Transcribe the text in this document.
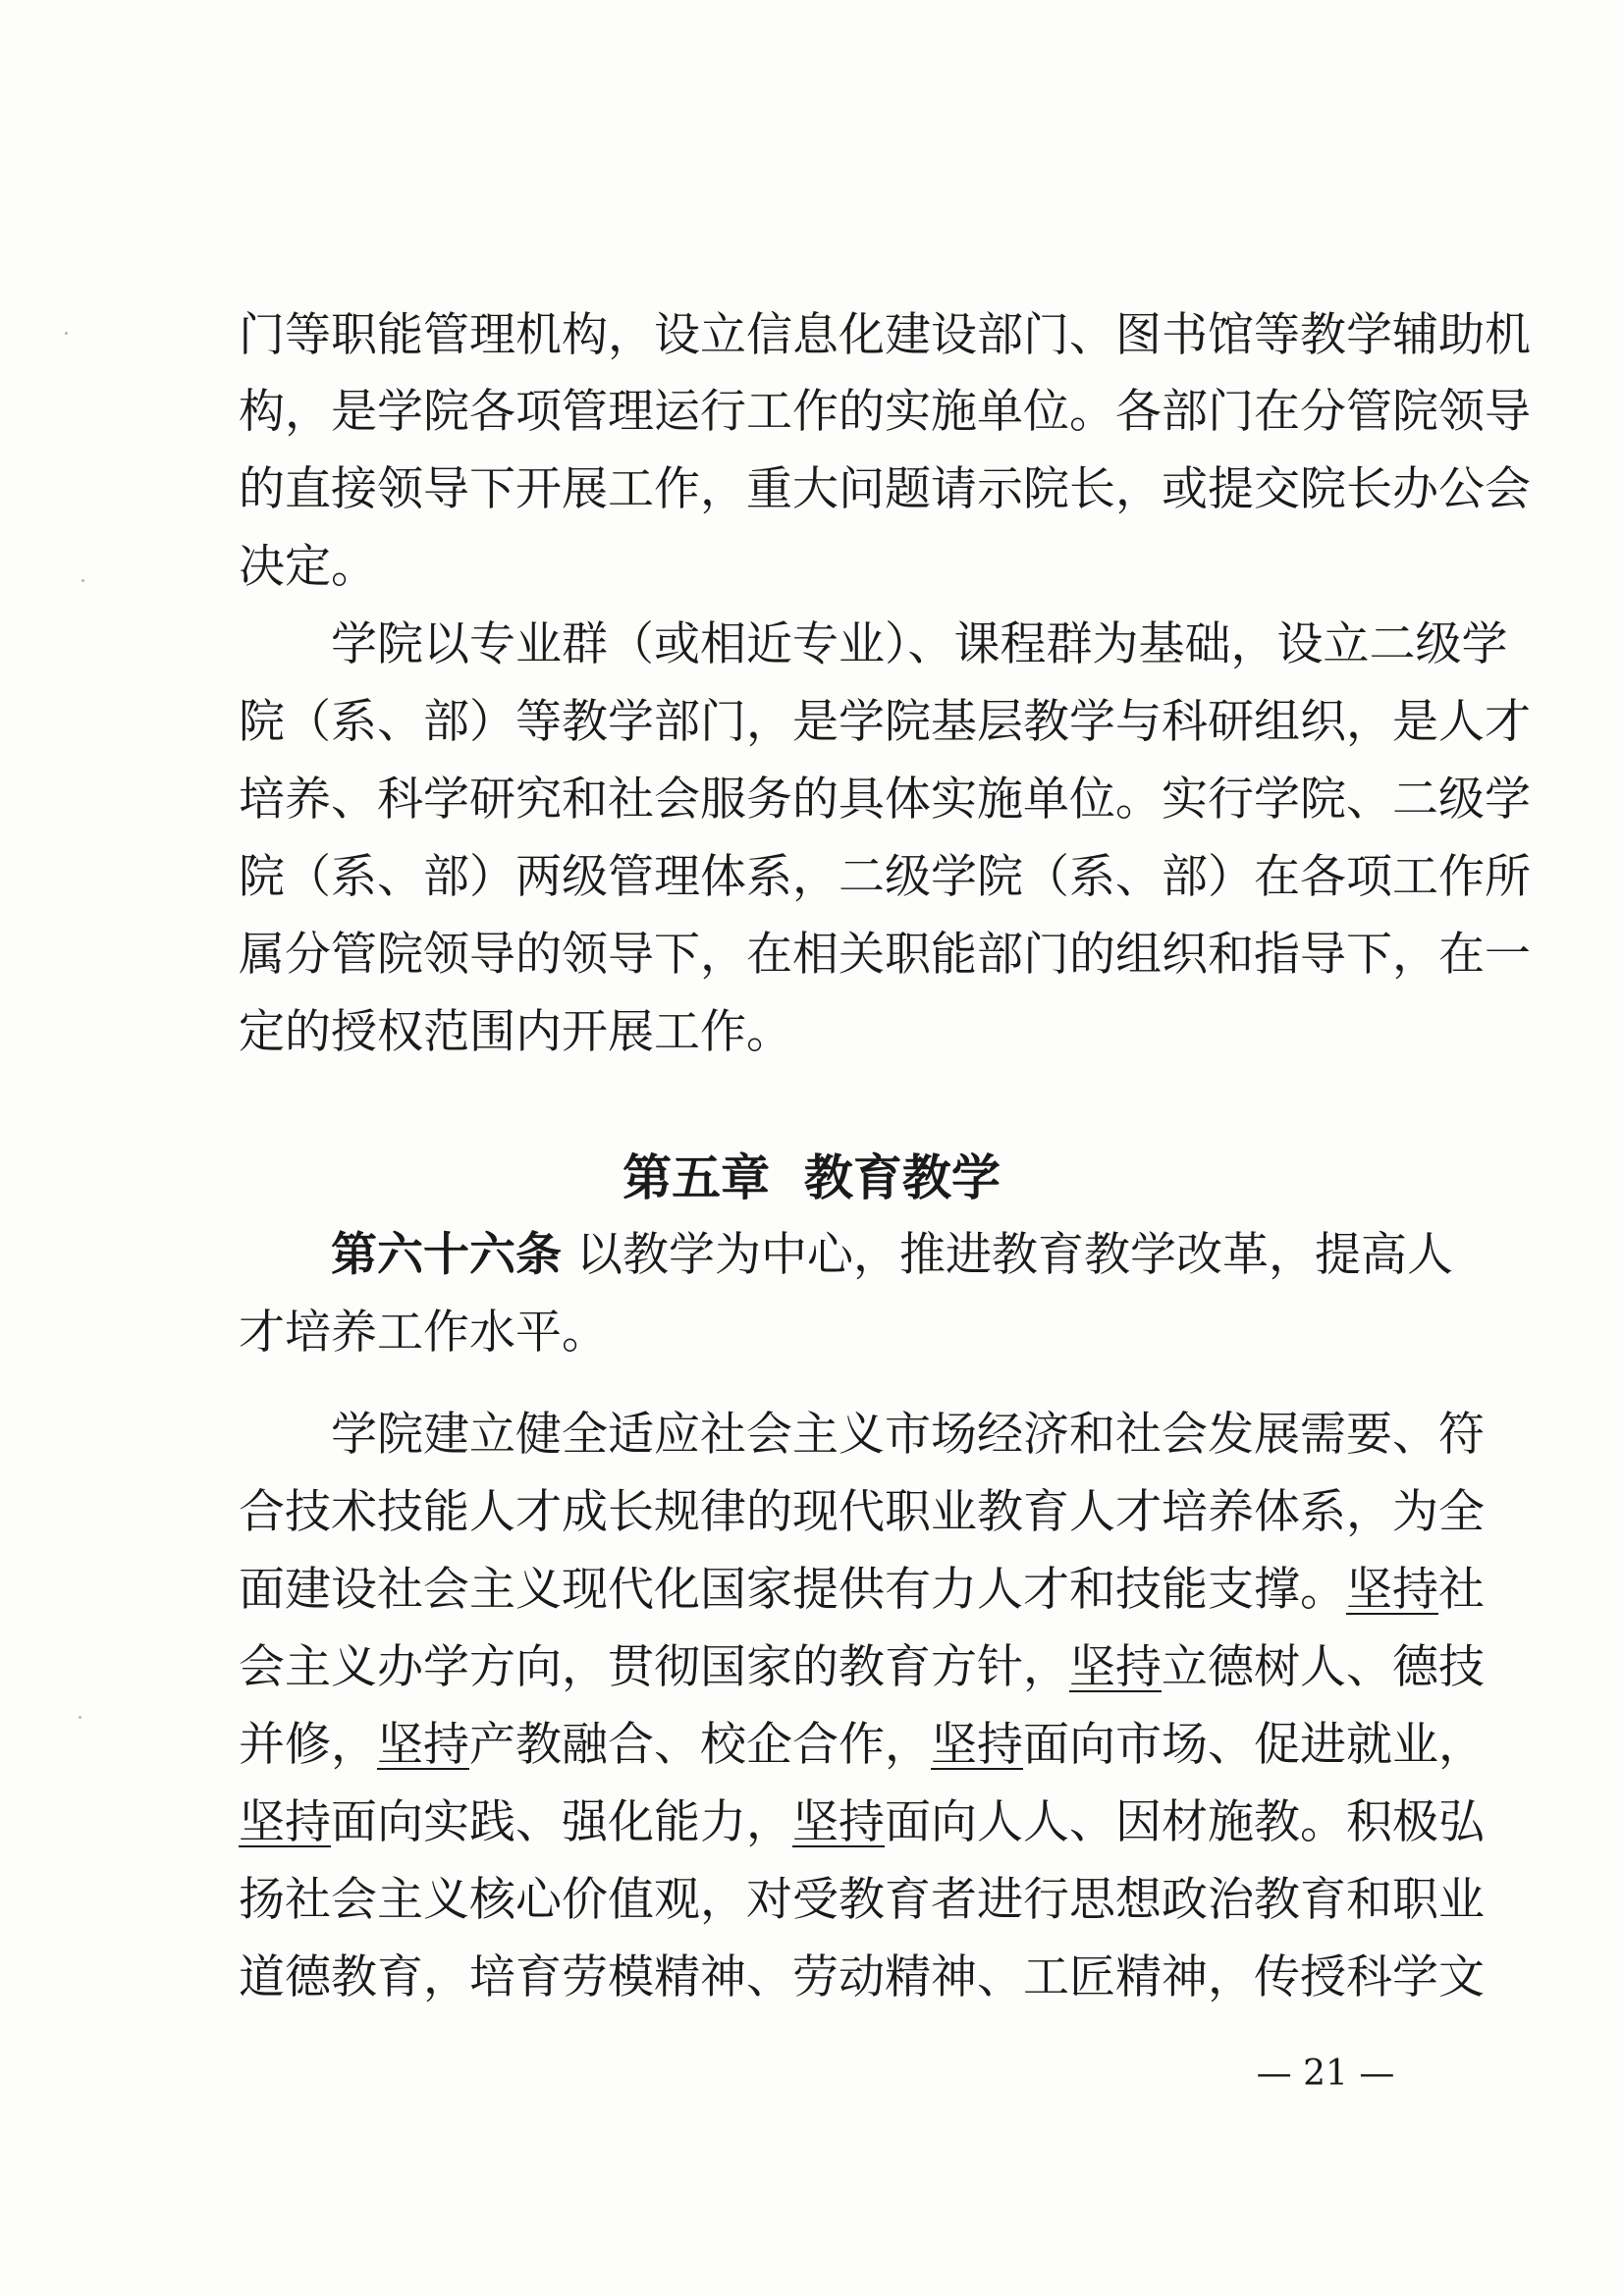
门等职能管理机构，设立信息化建设部门、图书馆等教学辅助机
构，是学院各项管理运行工作的实施单位。各部门在分管院领导
的直接领导下开展工作，重大问题请示院长，或提交院长办公会
决定。
学院以专业群（或相近专业）、课程群为基础，设立二级学
院（系、部）等教学部门，是学院基层教学与科研组织，是人才
培养、科学研究和社会服务的具体实施单位。实行学院、二级学
院（系、部）两级管理体系，二级学院（系、部）在各项工作所
属分管院领导的领导下，在相关职能部门的组织和指导下，在一
定的授权范围内开展工作。
第五章  教育教学
第六十六条 以教学为中心，推进教育教学改革，提高人
才培养工作水平。
学院建立健全适应社会主义市场经济和社会发展需要、符
合技术技能人才成长规律的现代职业教育人才培养体系，为全
面建设社会主义现代化国家提供有力人才和技能支撑。坚持社
会主义办学方向，贯彻国家的教育方针，坚持立德树人、德技
并修，坚持产教融合、校企合作，坚持面向市场、促进就业，
坚持面向实践、强化能力，坚持面向人人、因材施教。积极弘
扬社会主义核心价值观，对受教育者进行思想政治教育和职业
道德教育，培育劳模精神、劳动精神、工匠精神，传授科学文
— 21 —
